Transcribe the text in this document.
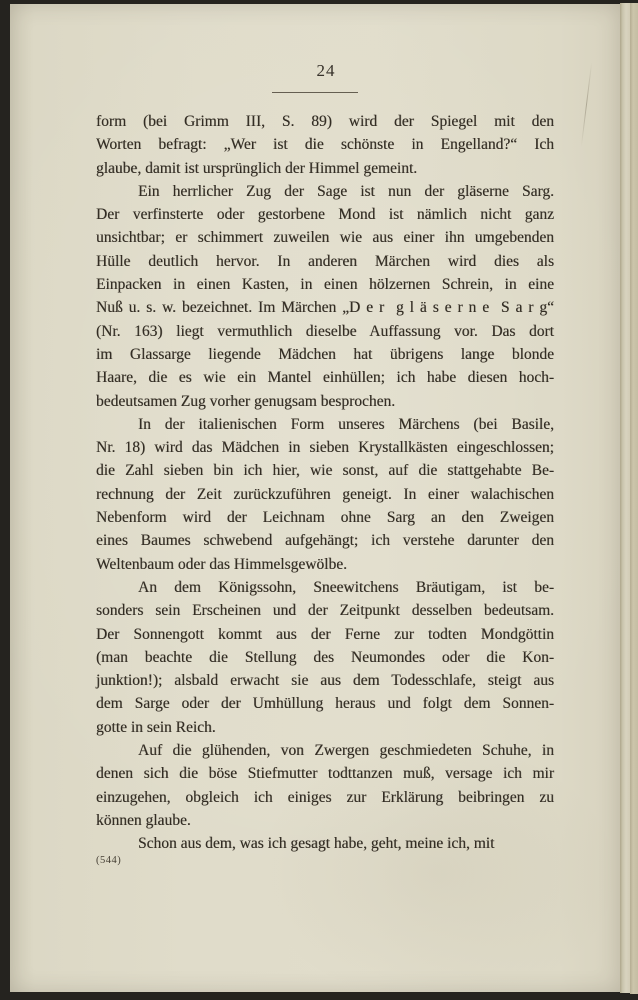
24
form (bei Grimm III, S. 89) wird der Spiegel mit den
Worten befragt: „Wer ist die schönste in Engelland?“ Ich
glaube, damit ist ursprünglich der Himmel gemeint.
Ein herrlicher Zug der Sage ist nun der gläserne Sarg.
Der verfinsterte oder gestorbene Mond ist nämlich nicht ganz
unsichtbar; er schimmert zuweilen wie aus einer ihn umgebenden
Hülle deutlich hervor. In anderen Märchen wird dies als
Einpacken in einen Kasten, in einen hölzernen Schrein, in eine
Nuß u. s. w. bezeichnet. Im Märchen „D e r  g l ä s e r n e  S a r g“
(Nr. 163) liegt vermuthlich dieselbe Auffassung vor. Das dort
im Glassarge liegende Mädchen hat übrigens lange blonde
Haare, die es wie ein Mantel einhüllen; ich habe diesen hoch-
bedeutsamen Zug vorher genugsam besprochen.
In der italienischen Form unseres Märchens (bei Basile,
Nr. 18) wird das Mädchen in sieben Krystallkästen eingeschlossen;
die Zahl sieben bin ich hier, wie sonst, auf die stattgehabte Be-
rechnung der Zeit zurückzuführen geneigt. In einer walachischen
Nebenform wird der Leichnam ohne Sarg an den Zweigen
eines Baumes schwebend aufgehängt; ich verstehe darunter den
Weltenbaum oder das Himmelsgewölbe.
An dem Königssohn, Sneewitchens Bräutigam, ist be-
sonders sein Erscheinen und der Zeitpunkt desselben bedeutsam.
Der Sonnengott kommt aus der Ferne zur todten Mondgöttin
(man beachte die Stellung des Neumondes oder die Kon-
junktion!); alsbald erwacht sie aus dem Todesschlafe, steigt aus
dem Sarge oder der Umhüllung heraus und folgt dem Sonnen-
gotte in sein Reich.
Auf die glühenden, von Zwergen geschmiedeten Schuhe, in
denen sich die böse Stiefmutter todttanzen muß, versage ich mir
einzugehen, obgleich ich einiges zur Erklärung beibringen zu
können glaube.
Schon aus dem, was ich gesagt habe, geht, meine ich, mit
(544)
